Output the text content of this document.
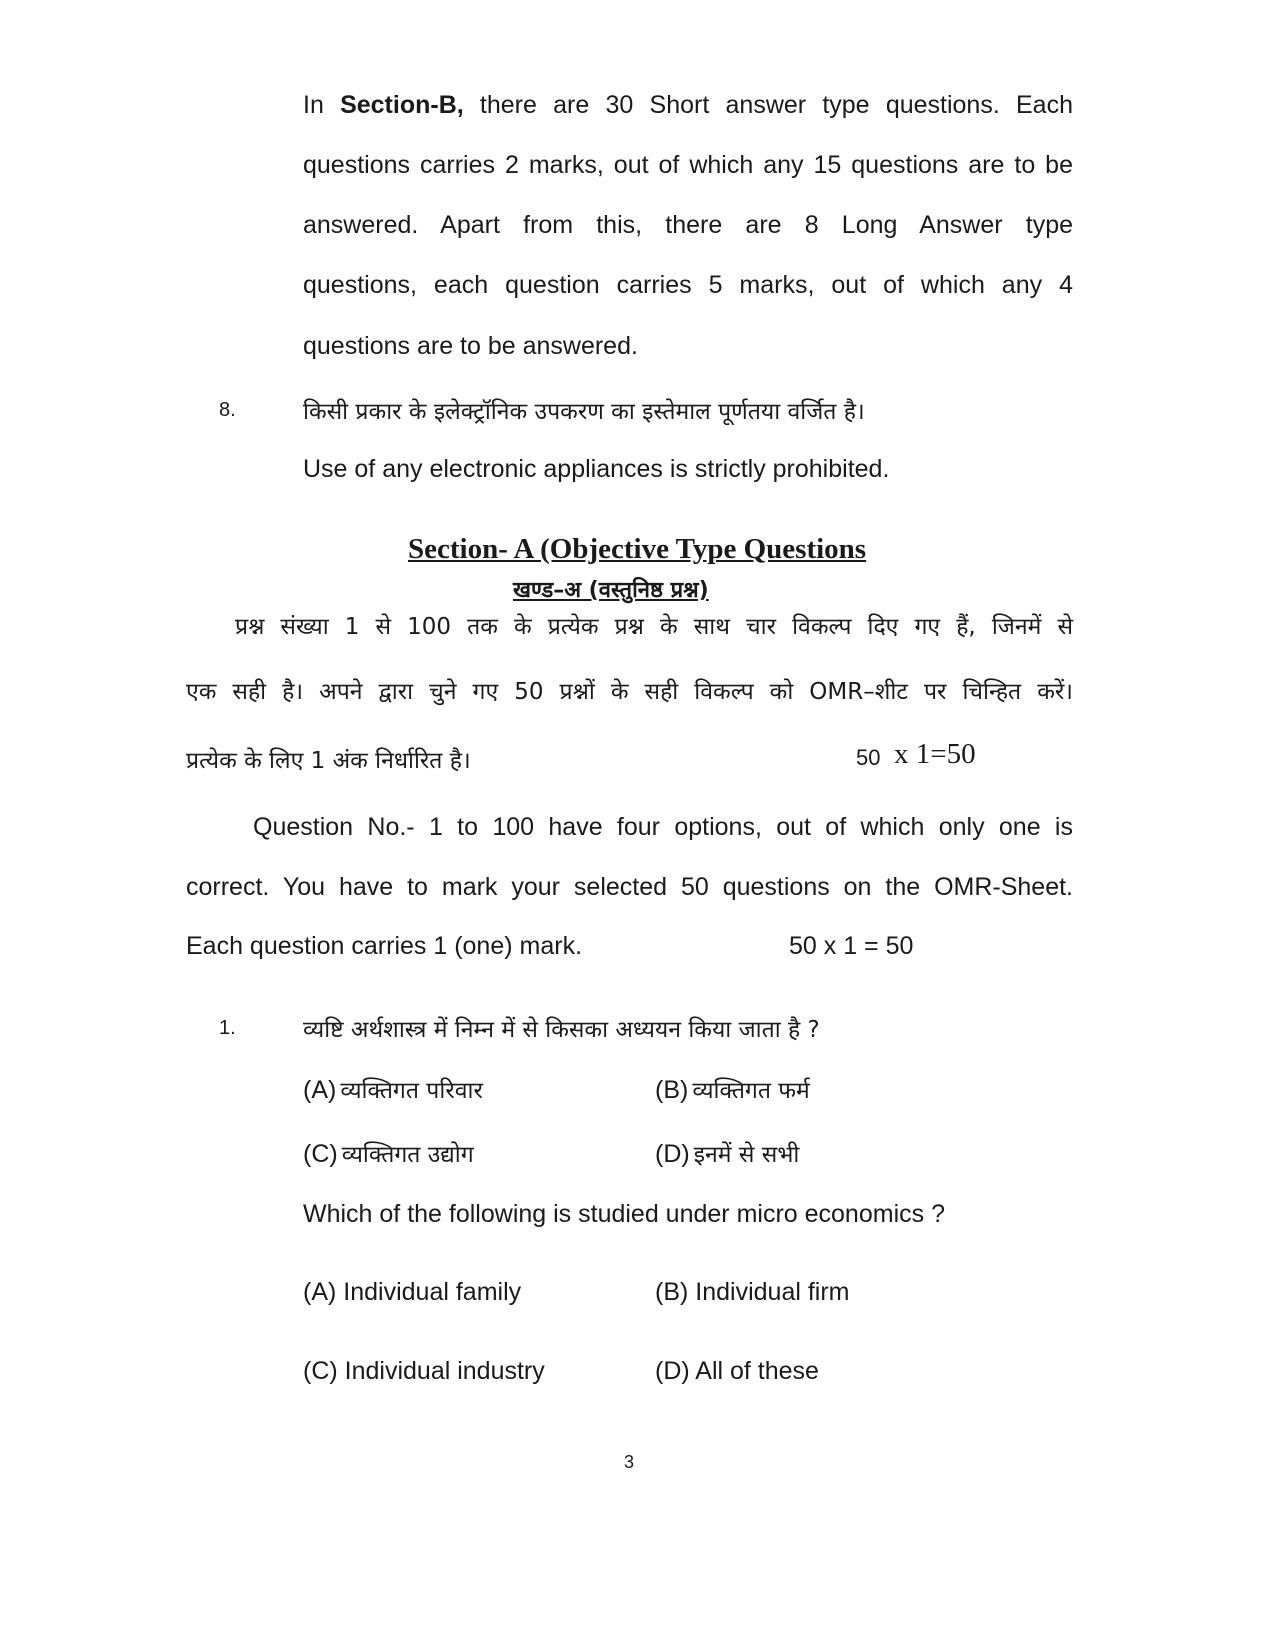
In Section-B, there are 30 Short answer type questions. Each

questions carries 2 marks, out of which any 15 questions are to be

answered. Apart from this, there are 8 Long Answer type

questions, each question carries 5 marks, out of which any 4

questions are to be answered.

8.	किसी प्रकार के इलेक्ट्रॉनिक उपकरण का इस्तेमाल पूर्णतया वर्जित है।

Use of any electronic appliances is strictly prohibited.

Section- A (Objective Type Questions

खण्ड–अ (वस्तुनिष्ठ प्रश्न)

प्रश्न संख्या 1 से 100 तक के प्रत्येक प्रश्न के साथ चार विकल्प दिए गए हैं, जिनमें से

एक सही है। अपने द्वारा चुने गए 50 प्रश्नों के सही विकल्प को OMR–शीट पर चिन्हित करें।

प्रत्येक के लिए 1 अंक निर्धारित है।	50 x 1=50

Question No.- 1 to 100 have four options, out of which only one is

correct. You have to mark your selected 50 questions on the OMR-Sheet.

Each question carries 1 (one) mark.	50 x 1 = 50

1.	व्यष्टि अर्थशास्त्र में निम्न में से किसका अध्ययन किया जाता है ?

(A) व्यक्तिगत परिवार	(B) व्यक्तिगत फर्म

(C) व्यक्तिगत उद्योग	(D) इनमें से सभी

Which of the following is studied under micro economics ?

(A) Individual family	(B) Individual firm

(C) Individual industry	(D) All of these

3
